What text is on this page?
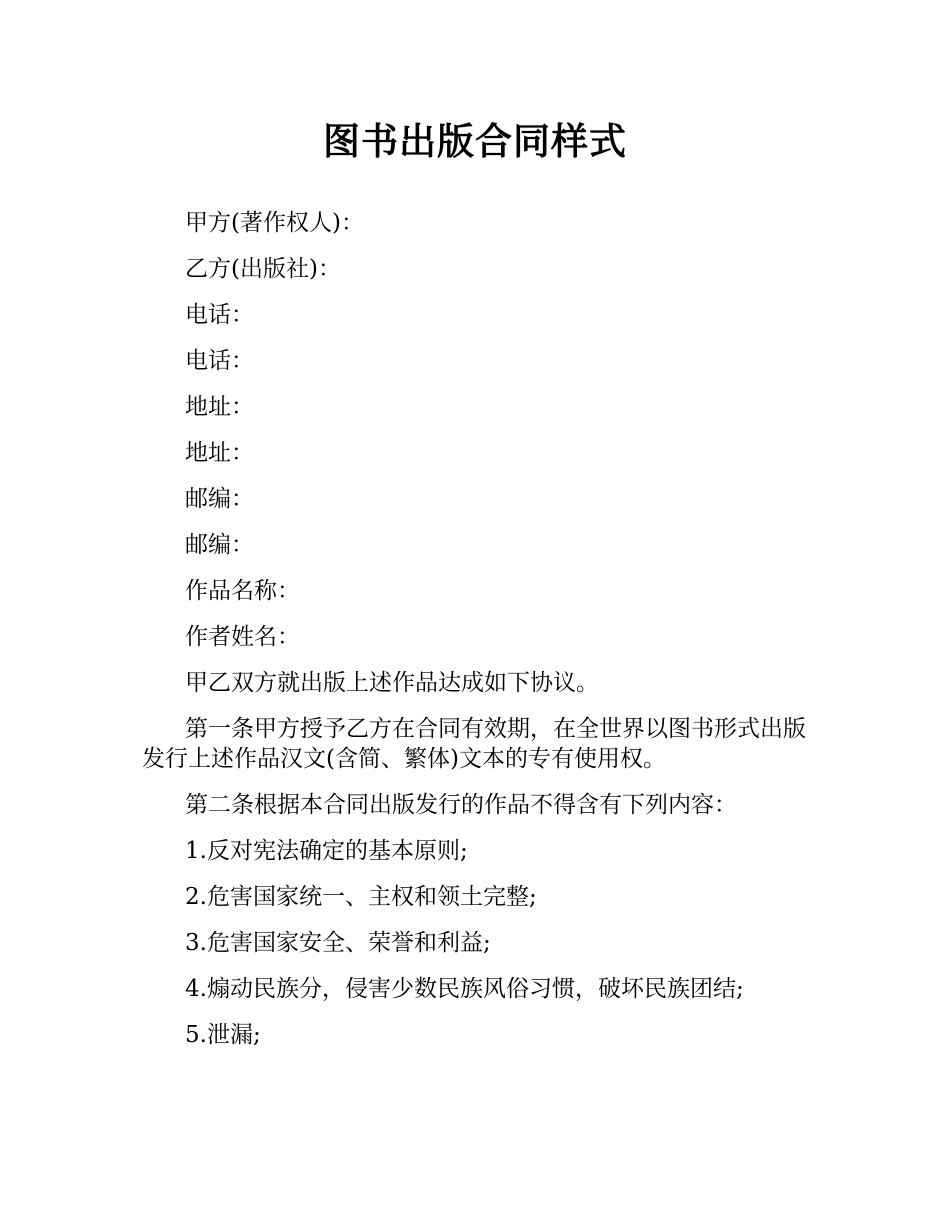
图书出版合同样式

甲方(著作权人)：

乙方(出版社)：

电话：

电话：

地址：

地址：

邮编：

邮编：

作品名称：

作者姓名：

甲乙双方就出版上述作品达成如下协议。

第一条甲方授予乙方在合同有效期，在全世界以图书形式出版发行上述作品汉文(含简、繁体)文本的专有使用权。

第二条根据本合同出版发行的作品不得含有下列内容：

1.反对宪法确定的基本原则;

2.危害国家统一、主权和领土完整;

3.危害国家安全、荣誉和利益;

4.煽动民族分，侵害少数民族风俗习惯，破坏民族团结;

5.泄漏;
